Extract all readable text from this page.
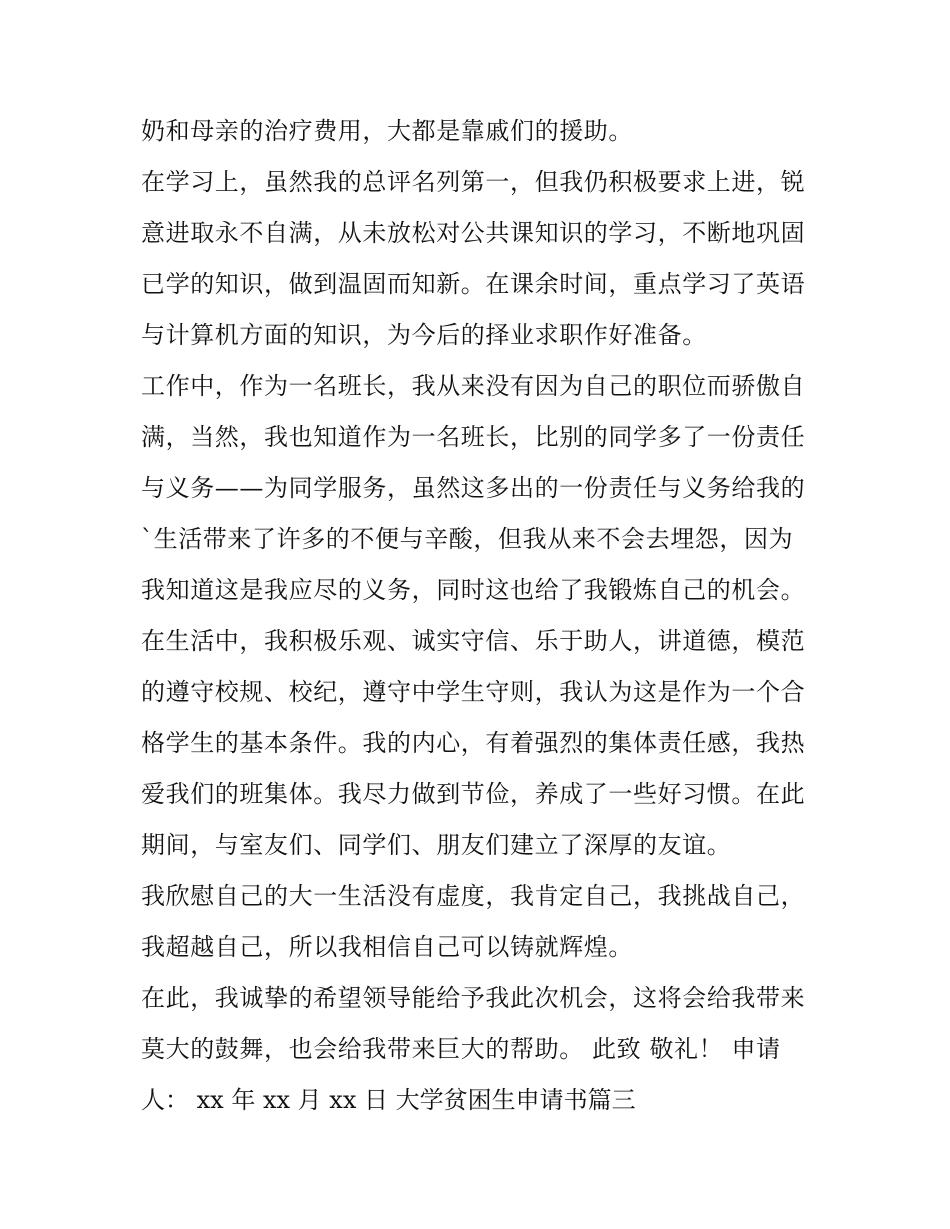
奶和母亲的治疗费用，大都是靠戚们的援助。
在学习上，虽然我的总评名列第一，但我仍积极要求上进，锐
意进取永不自满，从未放松对公共课知识的学习，不断地巩固
已学的知识，做到温固而知新。在课余时间，重点学习了英语
与计算机方面的知识，为今后的择业求职作好准备。
工作中，作为一名班长，我从来没有因为自己的职位而骄傲自
满，当然，我也知道作为一名班长，比别的同学多了一份责任
与义务——为同学服务，虽然这多出的一份责任与义务给我的
`生活带来了许多的不便与辛酸，但我从来不会去埋怨，因为
我知道这是我应尽的义务，同时这也给了我锻炼自己的机会。
在生活中，我积极乐观、诚实守信、乐于助人，讲道德，模范
的遵守校规、校纪，遵守中学生守则，我认为这是作为一个合
格学生的基本条件。我的内心，有着强烈的集体责任感，我热
爱我们的班集体。我尽力做到节俭，养成了一些好习惯。在此
期间，与室友们、同学们、朋友们建立了深厚的友谊。
我欣慰自己的大一生活没有虚度，我肯定自己，我挑战自己，
我超越自己，所以我相信自己可以铸就辉煌。
在此，我诚挚的希望领导能给予我此次机会，这将会给我带来
莫大的鼓舞，也会给我带来巨大的帮助。 此致 敬礼！ 申请
人： xx 年 xx 月 xx 日 大学贫困生申请书篇三
